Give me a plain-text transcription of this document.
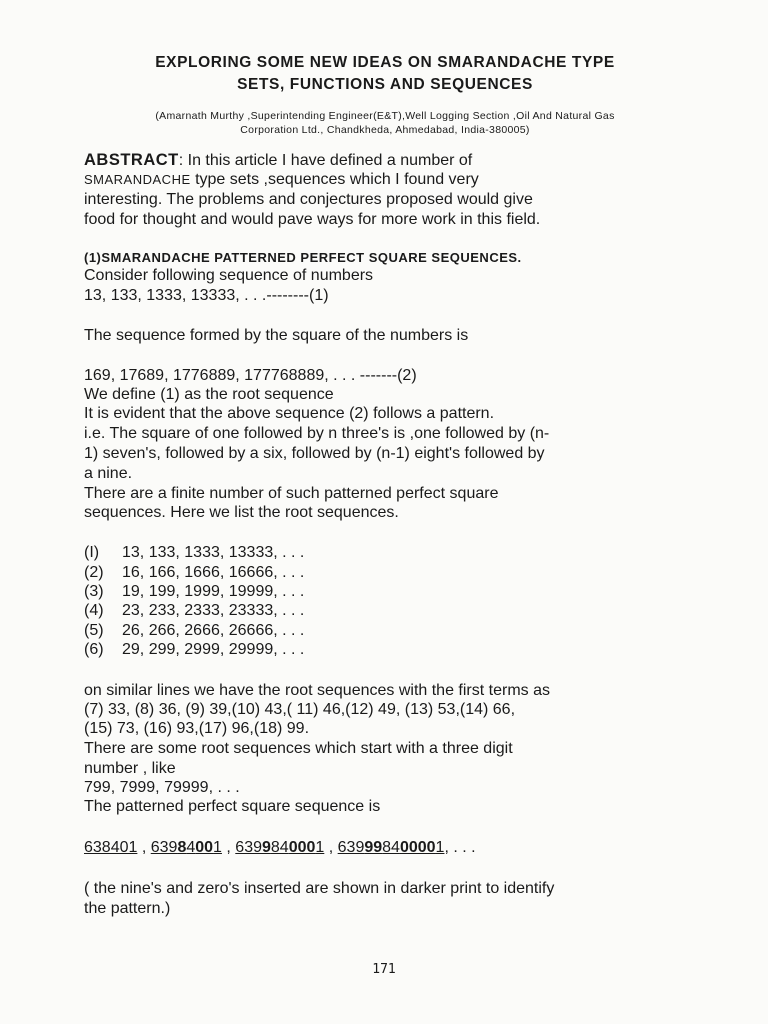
EXPLORING SOME NEW IDEAS ON SMARANDACHE TYPE
SETS, FUNCTIONS AND SEQUENCES
(Amarnath Murthy ,Superintending Engineer(E&T),Well Logging Section ,Oil And Natural Gas
Corporation Ltd., Chandkheda, Ahmedabad, India-380005)
ABSTRACT: In this article I have defined a number of
SMARANDACHE type sets ,sequences which I found very
interesting. The problems and conjectures proposed would give
food for thought and would pave ways for more work in this field.
(1)SMARANDACHE PATTERNED PERFECT SQUARE SEQUENCES.
Consider following sequence of numbers
13, 133, 1333, 13333, . . .--------(1)
The sequence formed by the square of the numbers is
169, 17689, 1776889, 177768889, . . . -------(2)
We define (1) as the root sequence
It is evident that the above sequence (2) follows a pattern.
i.e. The square of one followed by n three's is ,one followed by (n-
1) seven's, followed by a six, followed by (n-1) eight's followed by
a nine.
There are a finite number of such patterned perfect square
sequences. Here we list the root sequences.
(I) 13, 133, 1333, 13333, . . .
(2) 16, 166, 1666, 16666, . . .
(3) 19, 199, 1999, 19999, . . .
(4) 23, 233, 2333, 23333, . . .
(5) 26, 266, 2666, 26666, . . .
(6) 29, 299, 2999, 29999, . . .
on similar lines we have the root sequences with the first terms as
(7) 33, (8) 36, (9) 39,(10) 43,( 11) 46,(12) 49, (13) 53,(14) 66,
(15) 73, (16) 93,(17) 96,(18) 99.
There are some root sequences which start with a three digit
number , like
799, 7999, 79999, . . .
The patterned perfect square sequence is
638401 , 63984001 , 6399840001 , 639998400001, . . .
( the nine's and zero's inserted are shown in darker print to identify
the pattern.)
171
